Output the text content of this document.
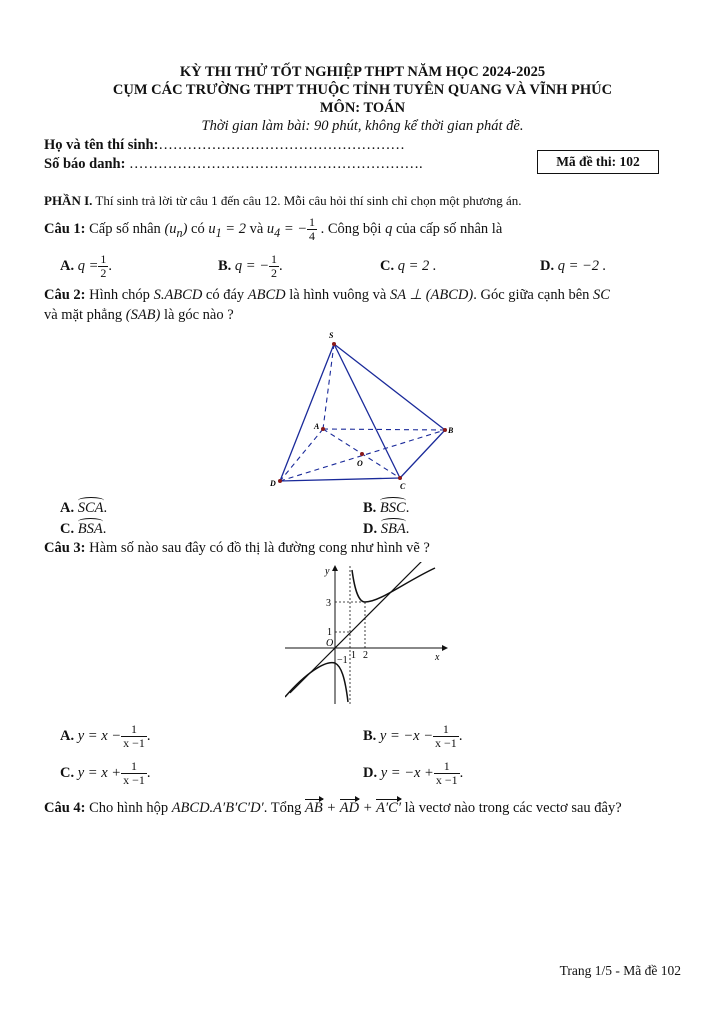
KỲ THI THỬ TỐT NGHIỆP THPT NĂM HỌC 2024-2025
CỤM CÁC TRƯỜNG THPT THUỘC TỈNH TUYÊN QUANG VÀ VĨNH PHÚC
MÔN: TOÁN
Thời gian làm bài: 90 phút, không kể thời gian phát đề.
Họ và tên thí sinh:……………………………………………
Số báo danh: …………………………………………………….	Mã đề thi: 102
PHẦN I. Thí sinh trả lời từ câu 1 đến câu 12. Mỗi câu hỏi thí sinh chỉ chọn một phương án.
Câu 1: Cấp số nhân $(u_n)$ có $u_1 = 2$ và $u_4$ = − $\frac{1}{4}$ . Công bội q của cấp số nhân là
A. $q = \frac{1}{2}$ .	B. q = − $\frac{1}{2}$ .	C. q = 2 .	D. q = −2 .
Câu 2: Hình chóp S.ABCD có đáy ABCD là hình vuông và SA ⊥ (ABCD). Góc giữa cạnh bên SC
và mặt phẳng (SAB) là góc nào ?
S
A	B
C
D
O
A. SCA.	B. BSC.
C. BSA.	D. SBA.
Câu 3: Hàm số nào sau đây có đồ thị là đường cong như hình vẽ ?
y
x
O
3
1
−1 1 2
A. $y = x - \frac{1}{x -1}$ .	B. $y = -x - \frac{1}{x -1}$ .
C. $y = x + \frac{1}{x -1}$ .	D. $y = -x + \frac{1}{x -1}$ .
Câu 4: Cho hình hộp ABCD.A′B′C′D′. Tổng AB + AD + A′C′ là vectơ nào trong các vectơ sau đây?
Trang 1/5 - Mã đề 102
